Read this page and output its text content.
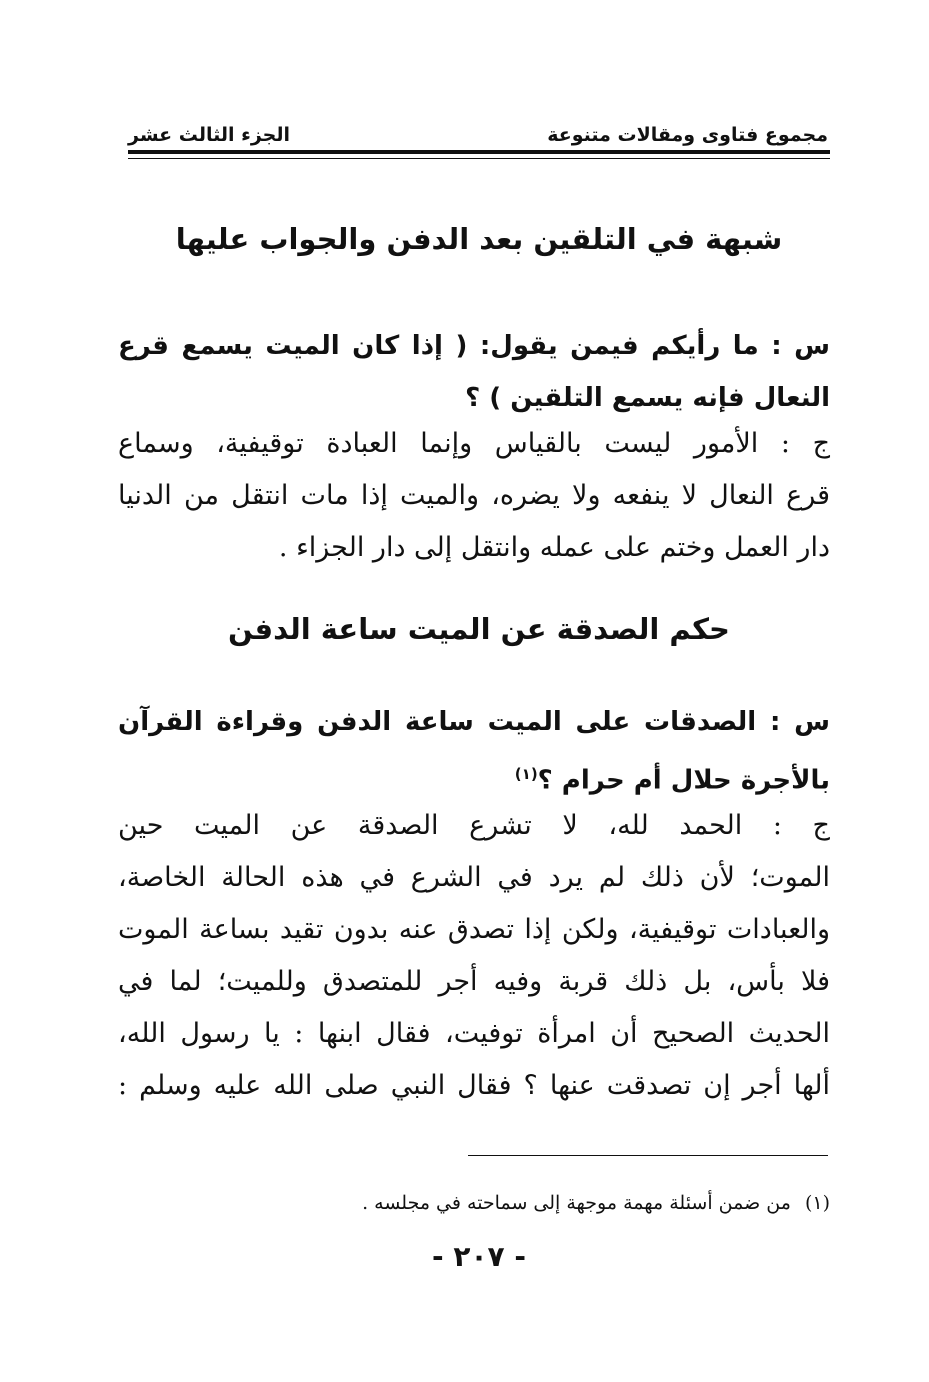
مجموع فتاوى ومقالات متنوعة
الجزء الثالث عشر
شبهة في التلقين بعد الدفن والجواب عليها
س : ما رأيكم فيمن يقول: ( إذا كان الميت يسمع قرع
النعال فإنه يسمع التلقين ) ؟
ج : الأمور ليست بالقياس وإنما العبادة توقيفية، وسماع
قرع النعال لا ينفعه ولا يضره، والميت إذا مات انتقل من الدنيا
دار العمل وختم على عمله وانتقل إلى دار الجزاء .
حكم الصدقة عن الميت ساعة الدفن
س : الصدقات على الميت ساعة الدفن وقراءة القرآن
بالأجرة حلال أم حرام ؟$^{(١)}$
ج : الحمد لله، لا تشرع الصدقة عن الميت حين
الموت؛ لأن ذلك لم يرد في الشرع في هذه الحالة الخاصة،
والعبادات توقيفية، ولكن إذا تصدق عنه بدون تقيد بساعة الموت
فلا بأس، بل ذلك قربة وفيه أجر للمتصدق وللميت؛ لما في
الحديث الصحيح أن امرأة توفيت، فقال ابنها : يا رسول الله،
ألها أجر إن تصدقت عنها ؟ فقال النبي صلى الله عليه وسلم :
(١)من ضمن أسئلة مهمة موجهة إلى سماحته في مجلسه .
- ٢٠٧ -
